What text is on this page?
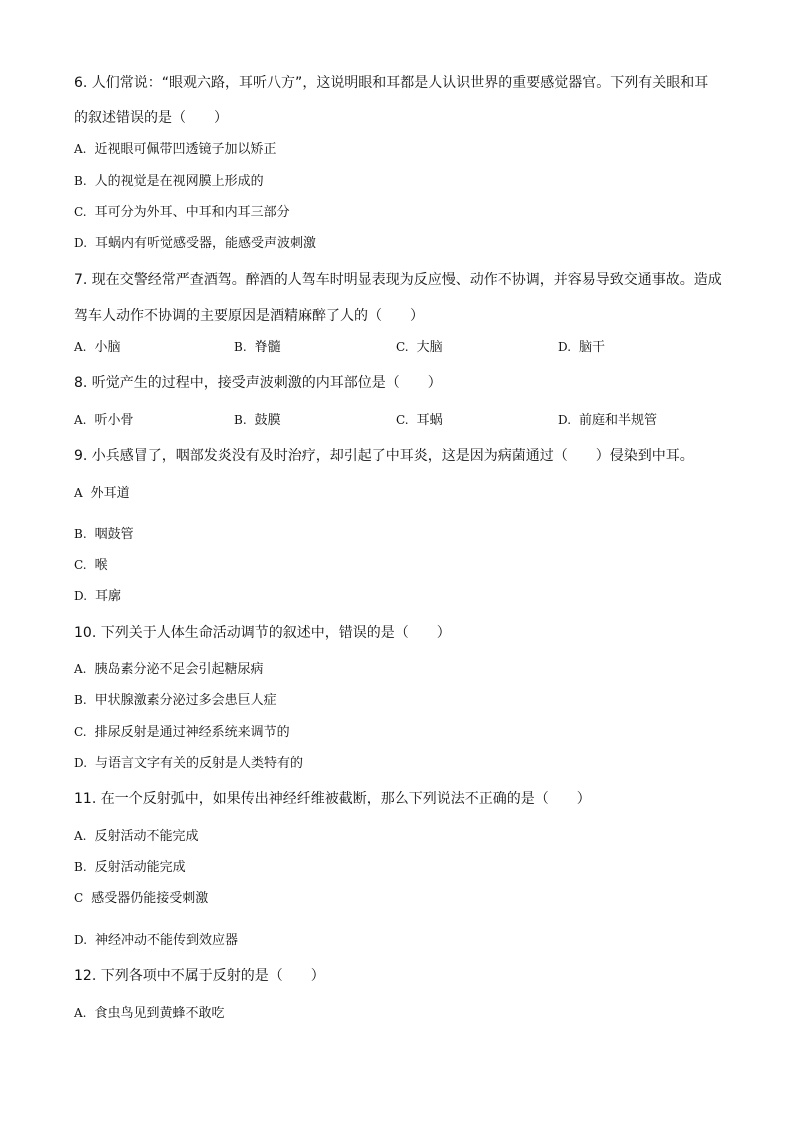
6. 人们常说：“眼观六路，耳听八方”，这说明眼和耳都是人认识世界的重要感觉器官。下列有关眼和耳
的叙述错误的是（　　）
A. 近视眼可佩带凹透镜子加以矫正
B. 人的视觉是在视网膜上形成的
C. 耳可分为外耳、中耳和内耳三部分
D. 耳蜗内有听觉感受器，能感受声波刺激
7. 现在交警经常严查酒驾。醉酒的人驾车时明显表现为反应慢、动作不协调，并容易导致交通事故。造成
驾车人动作不协调的主要原因是酒精麻醉了人的（　　）
A. 小脑	B. 脊髓	C. 大脑	D. 脑干
8. 听觉产生的过程中，接受声波刺激的内耳部位是（　　）
A. 听小骨	B. 鼓膜	C. 耳蜗	D. 前庭和半规管
9. 小兵感冒了，咽部发炎没有及时治疗，却引起了中耳炎，这是因为病菌通过（　　）侵染到中耳。
A 外耳道
B. 咽鼓管
C. 喉
D. 耳廓
10. 下列关于人体生命活动调节的叙述中，错误的是（　　）
A. 胰岛素分泌不足会引起糖尿病
B. 甲状腺激素分泌过多会患巨人症
C. 排尿反射是通过神经系统来调节的
D. 与语言文字有关的反射是人类特有的
11. 在一个反射弧中，如果传出神经纤维被截断，那么下列说法不正确的是（　　）
A. 反射活动不能完成
B. 反射活动能完成
C 感受器仍能接受刺激
D. 神经冲动不能传到效应器
12. 下列各项中不属于反射的是（　　）
A. 食虫鸟见到黄蜂不敢吃
